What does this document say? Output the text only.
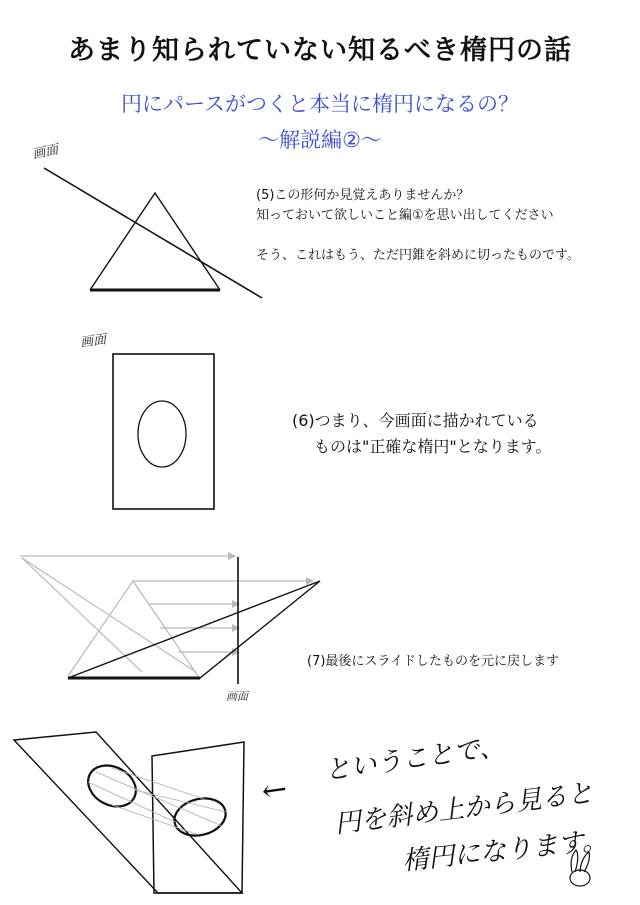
あまり知られていない知るべき楕円の話
円にパースがつくと本当に楕円になるの？
〜解説編②〜
画面
画面
画面

(5)この形何か見覚えありませんか？

知っておいて欲しいこと編①を思い出してください

そう、これはもう、ただ円錐を斜めに切ったものです。

(6)つまり、今画面に描かれている

ものは"正確な楕円"となります。

(7)最後にスライドしたものを元に戻します

←
ということで、
円を斜め上から見ると
楕円になります。
